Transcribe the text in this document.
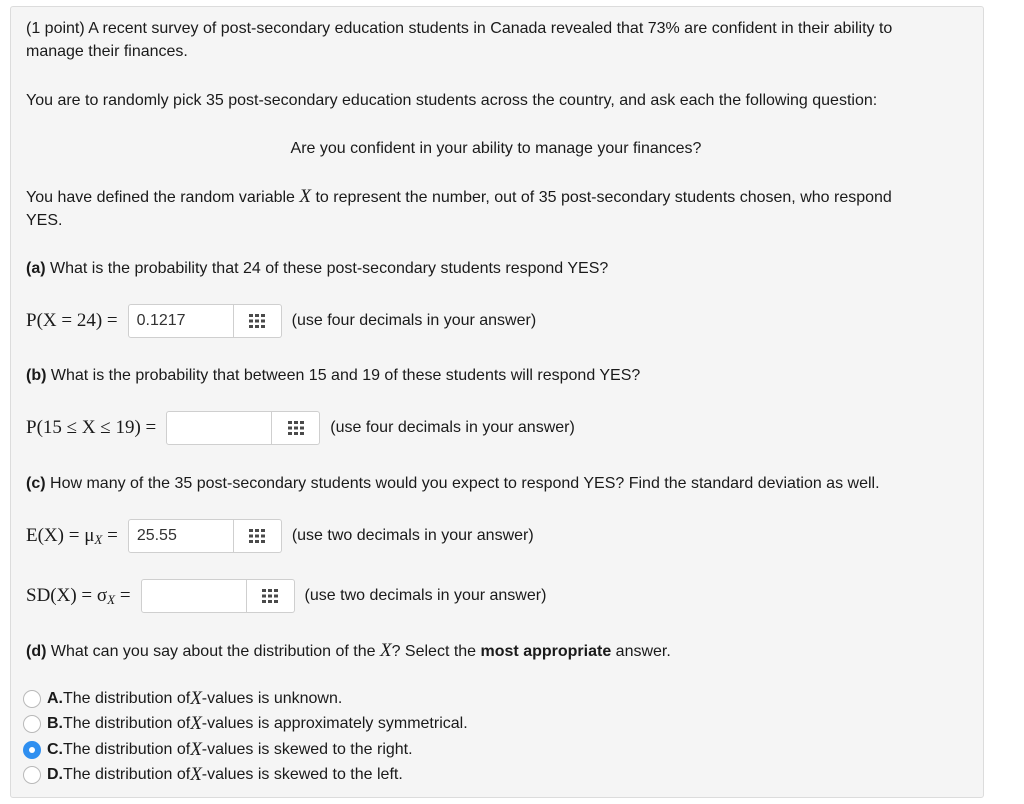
(1 point) A recent survey of post-secondary education students in Canada revealed that 73% are confident in their ability to
manage their finances.
You are to randomly pick 35 post-secondary education students across the country, and ask each the following question:
Are you confident in your ability to manage your finances?
You have defined the random variable X to represent the number, out of 35 post-secondary students chosen, who respond
YES.
(a) What is the probability that 24 of these post-secondary students respond YES?
P(X = 24) =	0.1217	(use four decimals in your answer)
(b) What is the probability that between 15 and 19 of these students will respond YES?
P(15 ≤ X ≤ 19) =	(use four decimals in your answer)
(c) How many of the 35 post-secondary students would you expect to respond YES? Find the standard deviation as well.
$E(X) = \mu_X$ =	25.55	(use two decimals in your answer)
$SD(X) = \sigma_X$ =	(use two decimals in your answer)
(d) What can you say about the distribution of the X? Select the most appropriate answer.
A. The distribution of X -values is unknown.
B. The distribution of X -values is approximately symmetrical.
C. The distribution of X -values is skewed to the right.
D. The distribution of X -values is skewed to the left.
